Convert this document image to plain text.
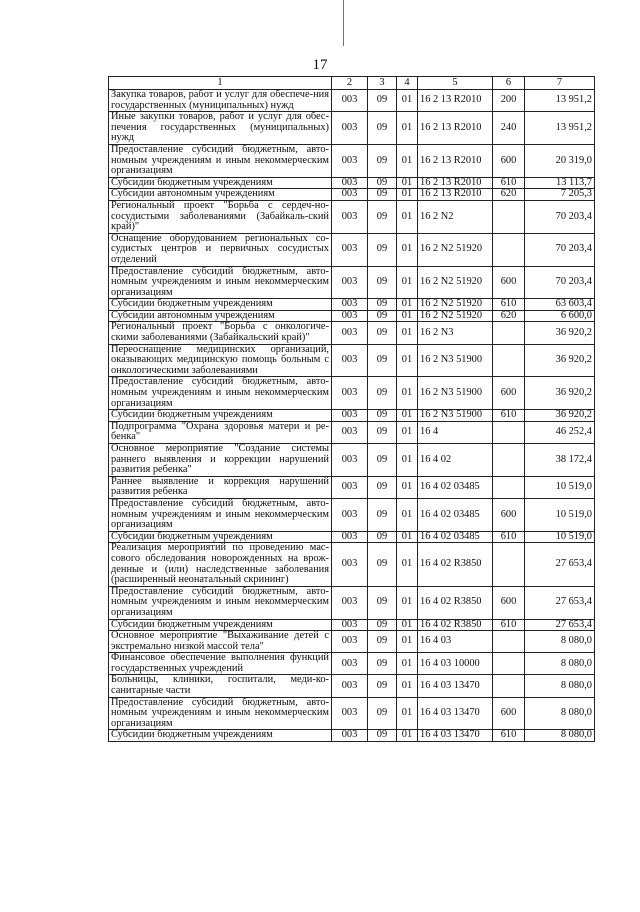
17
1	2	3	4	5	6	7
Закупка товаров, работ и услуг для обеспече-ния государственных (муниципальных) нужд	003	09	01	16 2 13 R2010	200	13 951,2
Иные закупки товаров, работ и услуг для обес-печения государственных (муниципальных) нужд	003	09	01	16 2 13 R2010	240	13 951,2
Предоставление субсидий бюджетным, авто-номным учреждениям и иным некоммерческим организациям	003	09	01	16 2 13 R2010	600	20 319,0
Субсидии бюджетным учреждениям	003	09	01	16 2 13 R2010	610	13 113,7
Субсидии автономным учреждениям	003	09	01	16 2 13 R2010	620	7 205,3
Региональный проект "Борьба с сердеч-но-сосудистыми заболеваниями (Забайкаль-ский край)"	003	09	01	16 2 N2		70 203,4
Оснащение оборудованием региональных со-судистых центров и первичных сосудистых отделений	003	09	01	16 2 N2 51920		70 203,4
Предоставление субсидий бюджетным, авто-номным учреждениям и иным некоммерческим организациям	003	09	01	16 2 N2 51920	600	70 203,4
Субсидии бюджетным учреждениям	003	09	01	16 2 N2 51920	610	63 603,4
Субсидии автономным учреждениям	003	09	01	16 2 N2 51920	620	6 600,0
Региональный проект "Борьба с онкологиче-скими заболеваниями (Забайкальский край)"	003	09	01	16 2 N3		36 920,2
Переоснащение медицинских организаций, оказывающих медицинскую помощь больным с онкологическими заболеваниями	003	09	01	16 2 N3 51900		36 920,2
Предоставление субсидий бюджетным, авто-номным учреждениям и иным некоммерческим организациям	003	09	01	16 2 N3 51900	600	36 920,2
Субсидии бюджетным учреждениям	003	09	01	16 2 N3 51900	610	36 920,2
Подпрограмма "Охрана здоровья матери и ре-бенка"	003	09	01	16 4		46 252,4
Основное мероприятие "Создание системы раннего выявления и коррекции нарушений развития ребенка"	003	09	01	16 4 02		38 172,4
Раннее выявление и коррекция нарушений развития ребенка	003	09	01	16 4 02 03485		10 519,0
Предоставление субсидий бюджетным, авто-номным учреждениям и иным некоммерческим организациям	003	09	01	16 4 02 03485	600	10 519,0
Субсидии бюджетным учреждениям	003	09	01	16 4 02 03485	610	10 519,0
Реализация мероприятий по проведению мас-сового обследования новорожденных на врож-денные и (или) наследственные заболевания (расширенный неонатальный скрининг)	003	09	01	16 4 02 R3850		27 653,4
Предоставление субсидий бюджетным, авто-номным учреждениям и иным некоммерческим организациям	003	09	01	16 4 02 R3850	600	27 653,4
Субсидии бюджетным учреждениям	003	09	01	16 4 02 R3850	610	27 653,4
Основное мероприятие "Выхаживание детей с экстремально низкой массой тела"	003	09	01	16 4 03		8 080,0
Финансовое обеспечение выполнения функций государственных учреждений	003	09	01	16 4 03 10000		8 080,0
Больницы, клиники, госпитали, меди-ко-санитарные части	003	09	01	16 4 03 13470		8 080,0
Предоставление субсидий бюджетным, авто-номным учреждениям и иным некоммерческим организациям	003	09	01	16 4 03 13470	600	8 080,0
Субсидии бюджетным учреждениям	003	09	01	16 4 03 13470	610	8 080,0
